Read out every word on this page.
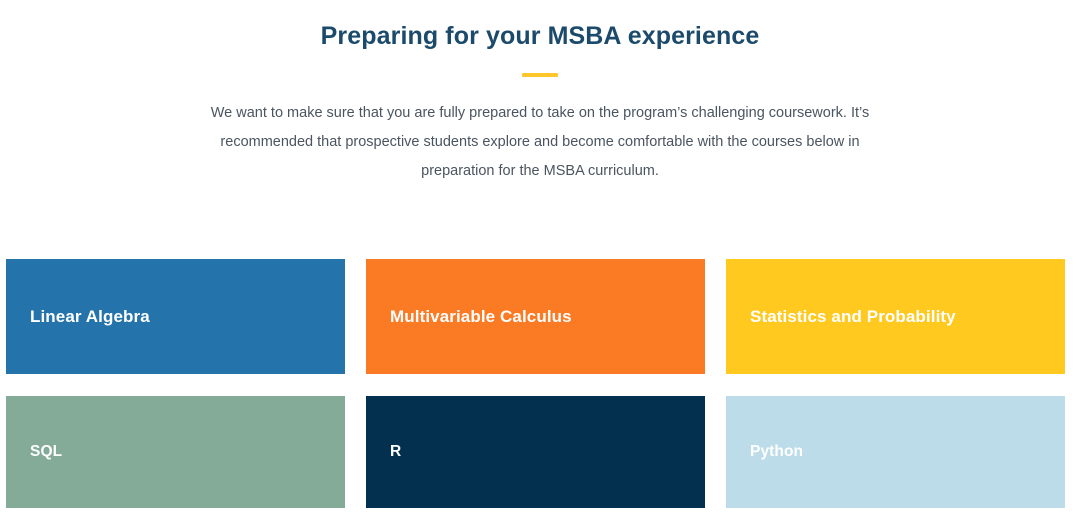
Preparing for your MSBA experience

We want to make sure that you are fully prepared to take on the program’s challenging coursework. It’s recommended that prospective students explore and become comfortable with the courses below in preparation for the MSBA curriculum.

Linear Algebra	Multivariable Calculus	Statistics and Probability
SQL	R	Python
